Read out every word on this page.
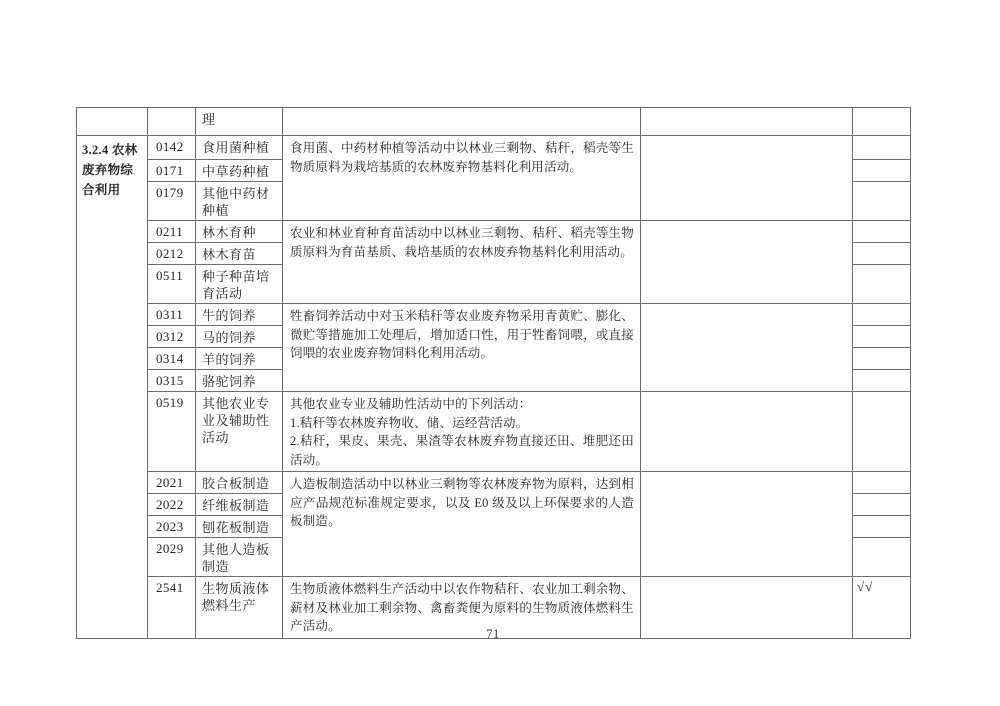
		理			
3.2.4 农林废弃物综合利用	0142	食用菌种植	食用菌、中药材种植等活动中以林业三剩物、秸秆，稻壳等生物质原料为栽培基质的农林废弃物基料化利用活动。		
	0171	中草药种植			
	0179	其他中药材种植			
	0211	林木育种	农业和林业育种育苗活动中以林业三剩物、秸秆、稻壳等生物质原料为育苗基质、栽培基质的农林废弃物基料化利用活动。		
	0212	林木育苗			
	0511	种子种苗培育活动			
	0311	牛的饲养	牲畜饲养活动中对玉米秸秆等农业废弃物采用青黄贮、膨化、微贮等措施加工处理后，增加适口性，用于牲畜饲喂，或直接饲喂的农业废弃物饲料化利用活动。		
	0312	马的饲养			
	0314	羊的饲养			
	0315	骆驼饲养			
	0519	其他农业专业及辅助性活动	其他农业专业及辅助性活动中的下列活动：
1.秸秆等农林废弃物收、储、运经营活动。
2.秸秆，果皮、果壳、果渣等农林废弃物直接还田、堆肥还田活动。		

	2021	胶合板制造	人造板制造活动中以林业三剩物等农林废弃物为原料，达到相应产品规范标准规定要求，以及 E0 级及以上环保要求的人造板制造。		
	2022	纤维板制造			
	2023	刨花板制造			
	2029	其他人造板制造			
	2541	生物质液体燃料生产	生物质液体燃料生产活动中以农作物秸秆、农业加工剩余物、薪材及林业加工剩余物、禽畜粪便为原料的生物质液体燃料生产活动。		√√
71
